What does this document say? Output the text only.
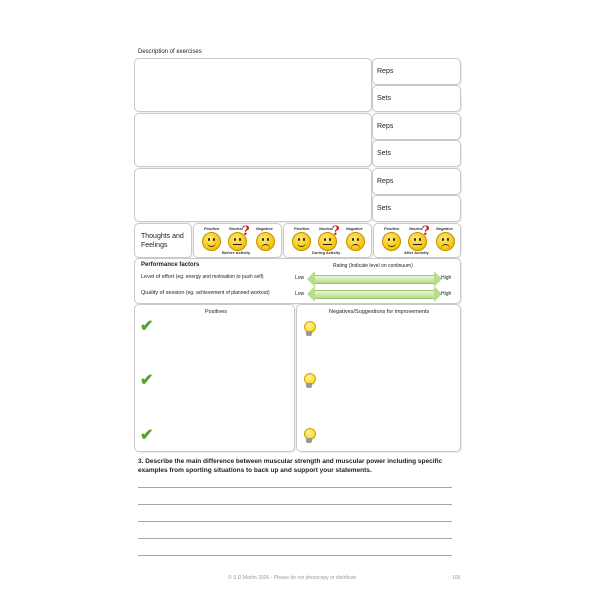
Description of exercises
Reps
Sets
Reps
Sets
Reps
Sets
Thoughts and
Feelings
Positive Neutral	Negative
?
Before Activity
Positive Neutral	Negative
?
During Activity
Positive Neutral	Negative
?
After Activity
Performance factors	Rating (Indicate level on continuum)
Level of effort (eg. energy and motivation to push self)	Low	High
Quality of session (eg. achievement of planned workout)	Low	High
Positives
✔
✔
✔
Negatives/Suggestions for improvements
3. Describe the main difference between muscular strength and muscular power including specific
examples from sporting situations to back up and support your statements.
© S D Martin 2026 - Please do not photocopy or distribute	106
